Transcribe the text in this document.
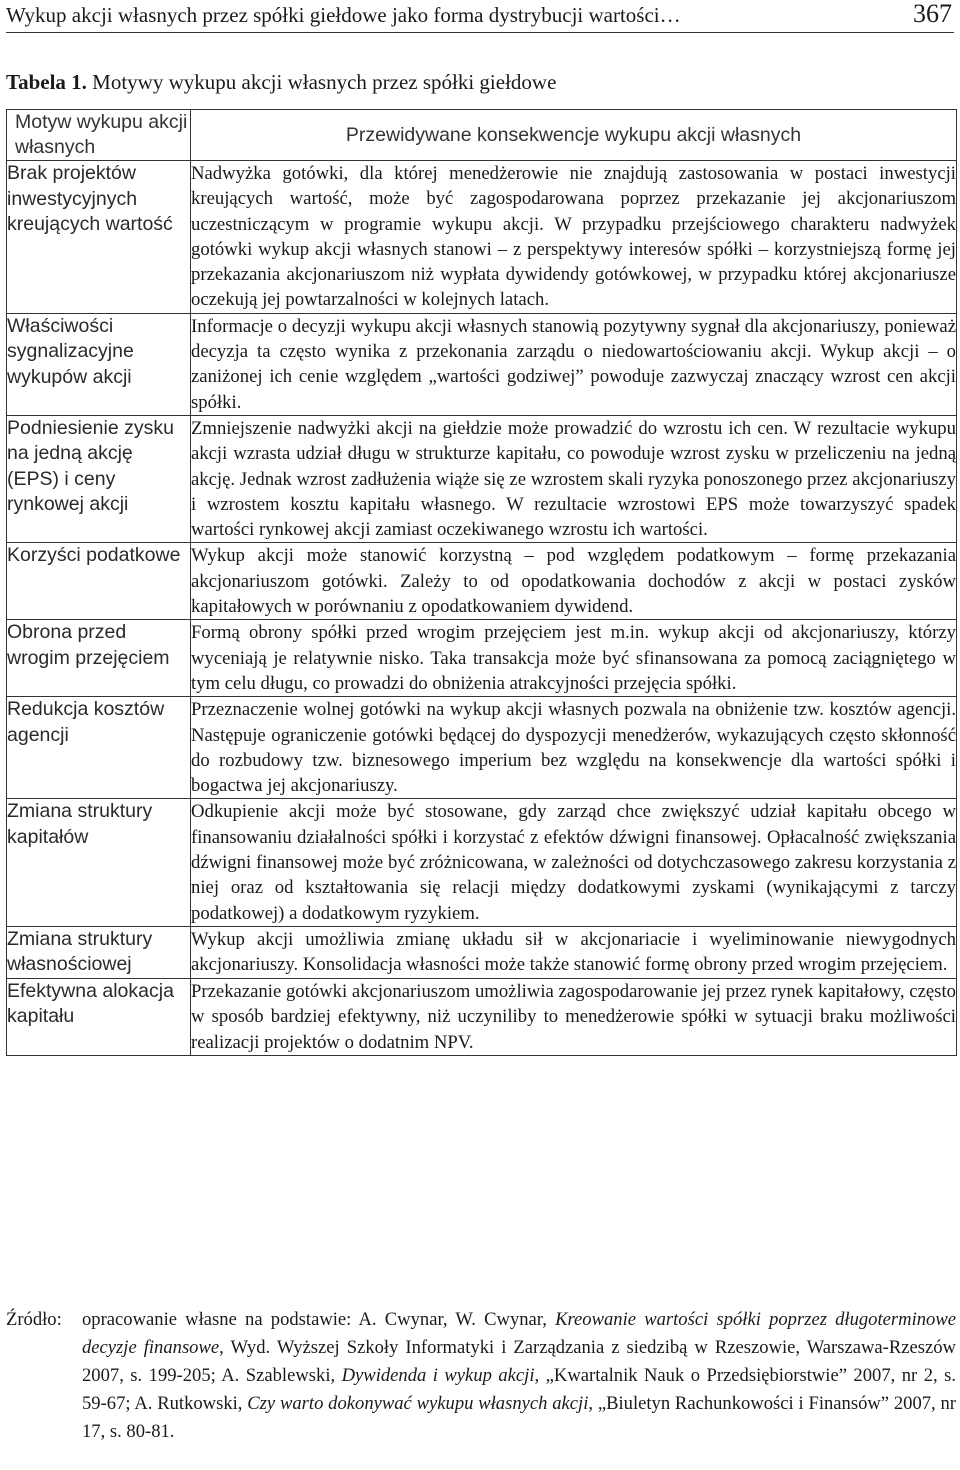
Wykup akcji własnych przez spółki giełdowe jako forma dystrybucji wartości…	367
Tabela 1. Motywy wykupu akcji własnych przez spółki giełdowe
Motyw wykupu akcji własnych	Przewidywane konsekwencje wykupu akcji własnych
Brak projektów inwestycyjnych kreujących wartość	Nadwyżka gotówki, dla której menedżerowie nie znajdują zastosowania w postaci inwestycji kreujących wartość, może być zagospodarowana poprzez przekazanie jej akcjonariuszom uczestniczącym w programie wykupu akcji. W przypadku przejściowego charakteru nadwyżek gotówki wykup akcji własnych stanowi – z perspektywy interesów spółki – korzystniejszą formę jej przekazania akcjonariuszom niż wypłata dywidendy gotówkowej, w przypadku której akcjonariusze oczekują jej powtarzalności w kolejnych latach.
Właściwości sygnalizacyjne wykupów akcji	Informacje o decyzji wykupu akcji własnych stanowią pozytywny sygnał dla akcjonariuszy, ponieważ decyzja ta często wynika z przekonania zarządu o niedowartościowaniu akcji. Wykup akcji – o zaniżonej ich cenie względem „wartości godziwej” powoduje zazwyczaj znaczący wzrost cen akcji spółki.
Podniesienie zysku na jedną akcję (EPS) i ceny rynkowej akcji	Zmniejszenie nadwyżki akcji na giełdzie może prowadzić do wzrostu ich cen. W rezultacie wykupu akcji wzrasta udział długu w strukturze kapitału, co powoduje wzrost zysku w przeliczeniu na jedną akcję. Jednak wzrost zadłużenia wiąże się ze wzrostem skali ryzyka ponoszonego przez akcjonariuszy i wzrostem kosztu kapitału własnego. W rezultacie wzrostowi EPS może towarzyszyć spadek wartości rynkowej akcji zamiast oczekiwanego wzrostu ich wartości.
Korzyści podatkowe	Wykup akcji może stanowić korzystną – pod względem podatkowym – formę przekazania akcjonariuszom gotówki. Zależy to od opodatkowania dochodów z akcji w postaci zysków kapitałowych w porównaniu z opodatkowaniem dywidend.
Obrona przed wrogim przejęciem	Formą obrony spółki przed wrogim przejęciem jest m.in. wykup akcji od akcjonariuszy, którzy wyceniają je relatywnie nisko. Taka transakcja może być sfinansowana za pomocą zaciągniętego w tym celu długu, co prowadzi do obniżenia atrakcyjności przejęcia spółki.
Redukcja kosztów agencji	Przeznaczenie wolnej gotówki na wykup akcji własnych pozwala na obniżenie tzw. kosztów agencji. Następuje ograniczenie gotówki będącej do dyspozycji menedżerów, wykazujących często skłonność do rozbudowy tzw. biznesowego imperium bez względu na konsekwencje dla wartości spółki i bogactwa jej akcjonariuszy.
Zmiana struktury kapitałów	Odkupienie akcji może być stosowane, gdy zarząd chce zwiększyć udział kapitału obcego w finansowaniu działalności spółki i korzystać z efektów dźwigni finansowej. Opłacalność zwiększania dźwigni finansowej może być zróżnicowana, w zależności od dotychczasowego zakresu korzystania z niej oraz od kształtowania się relacji między dodatkowymi zyskami (wynikającymi z tarczy podatkowej) a dodatkowym ryzykiem.
Zmiana struktury własnościowej	Wykup akcji umożliwia zmianę układu sił w akcjonariacie i wyeliminowanie niewygodnych akcjonariuszy. Konsolidacja własności może także stanowić formę obrony przed wrogim przejęciem.
Efektywna alokacja kapitału	Przekazanie gotówki akcjonariuszom umożliwia zagospodarowanie jej przez rynek kapitałowy, często w sposób bardziej efektywny, niż uczyniliby to menedżerowie spółki w sytuacji braku możliwości realizacji projektów o dodatnim NPV.
Źródło: opracowanie własne na podstawie: A. Cwynar, W. Cwynar, Kreowanie wartości spółki poprzez długoterminowe decyzje finansowe, Wyd. Wyższej Szkoły Informatyki i Zarządzania z siedzibą w Rzeszowie, Warszawa-Rzeszów 2007, s. 199-205; A. Szablewski, Dywidenda i wykup akcji, „Kwartalnik Nauk o Przedsiębiorstwie” 2007, nr 2, s. 59-67; A. Rutkowski, Czy warto dokonywać wykupu własnych akcji, „Biuletyn Rachunkowości i Finansów” 2007, nr 17, s. 80-81.
